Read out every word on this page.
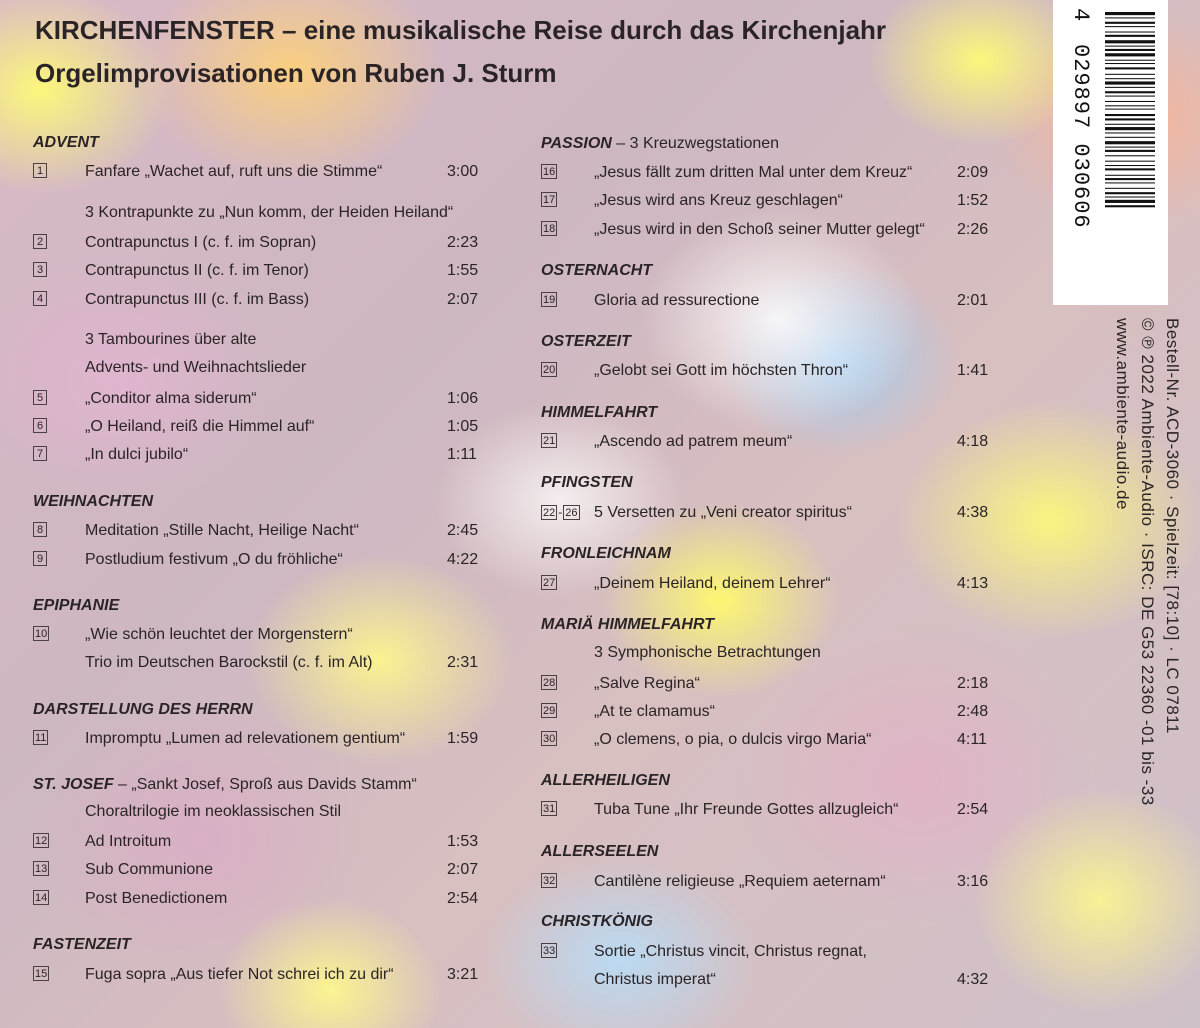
KIRCHENFENSTER – eine musikalische Reise durch das Kirchenjahr
Orgelimprovisationen von Ruben J. Sturm
ADVENT
1	Fanfare „Wachet auf, ruft uns die Stimme“	3:00
3 Kontrapunkte zu „Nun komm, der Heiden Heiland“
2	Contrapunctus I (c. f. im Sopran)	2:23
3	Contrapunctus II (c. f. im Tenor)	1:55
4	Contrapunctus III (c. f. im Bass)	2:07
3 Tambourines über alte
Advents- und Weihnachtslieder
5	„Conditor alma siderum“	1:06
6	„O Heiland, reiß die Himmel auf“	1:05
7	„In dulci jubilo“	1:11
WEIHNACHTEN
8	Meditation „Stille Nacht, Heilige Nacht“	2:45
9	Postludium festivum „O du fröhliche“	4:22
EPIPHANIE
10 „Wie schön leuchtet der Morgenstern“
Trio im Deutschen Barockstil (c. f. im Alt)	2:31
DARSTELLUNG DES HERRN
11 Impromptu „Lumen ad relevationem gentium“	1:59
ST. JOSEF – „Sankt Josef, Sproß aus Davids Stamm“
Choraltrilogie im neoklassischen Stil
12 Ad Introitum	1:53
13 Sub Communione	2:07
14 Post Benedictionem	2:54
FASTENZEIT
15 Fuga sopra „Aus tiefer Not schrei ich zu dir“	3:21
PASSION – 3 Kreuzwegstationen
16 „Jesus fällt zum dritten Mal unter dem Kreuz“	2:09
17 „Jesus wird ans Kreuz geschlagen“	1:52
18 „Jesus wird in den Schoß seiner Mutter gelegt“ 2:26
OSTERNACHT
19 Gloria ad ressurectione	2:01
OSTERZEIT
20 „Gelobt sei Gott im höchsten Thron“	1:41
HIMMELFAHRT
21 „Ascendo ad patrem meum“	4:18
PFINGSTEN
22 - 26 5 Versetten zu „Veni creator spiritus“	4:38
FRONLEICHNAM
27 „Deinem Heiland, deinem Lehrer“	4:13
MARIÄ HIMMELFAHRT
3 Symphonische Betrachtungen
28 „Salve Regina“	2:18
29 „At te clamamus“	2:48
30 „O clemens, o pia, o dulcis virgo Maria“	4:11
ALLERHEILIGEN
31 Tuba Tune „Ihr Freunde Gottes allzugleich“	2:54
ALLERSEELEN
32 Cantilène religieuse „Requiem aeternam“	3:16
CHRISTKÖNIG
33 Sortie „Christus vincit, Christus regnat,
Christus imperat“	4:32
4
029897 030606
Bestell-Nr. ACD-3060 · Spielzeit: [78:10] · LC 07811
© ℗ 2022 Ambiente-Audio · ISRC: DE G53 22360 -01 bis -33
www.ambiente-audio.de
